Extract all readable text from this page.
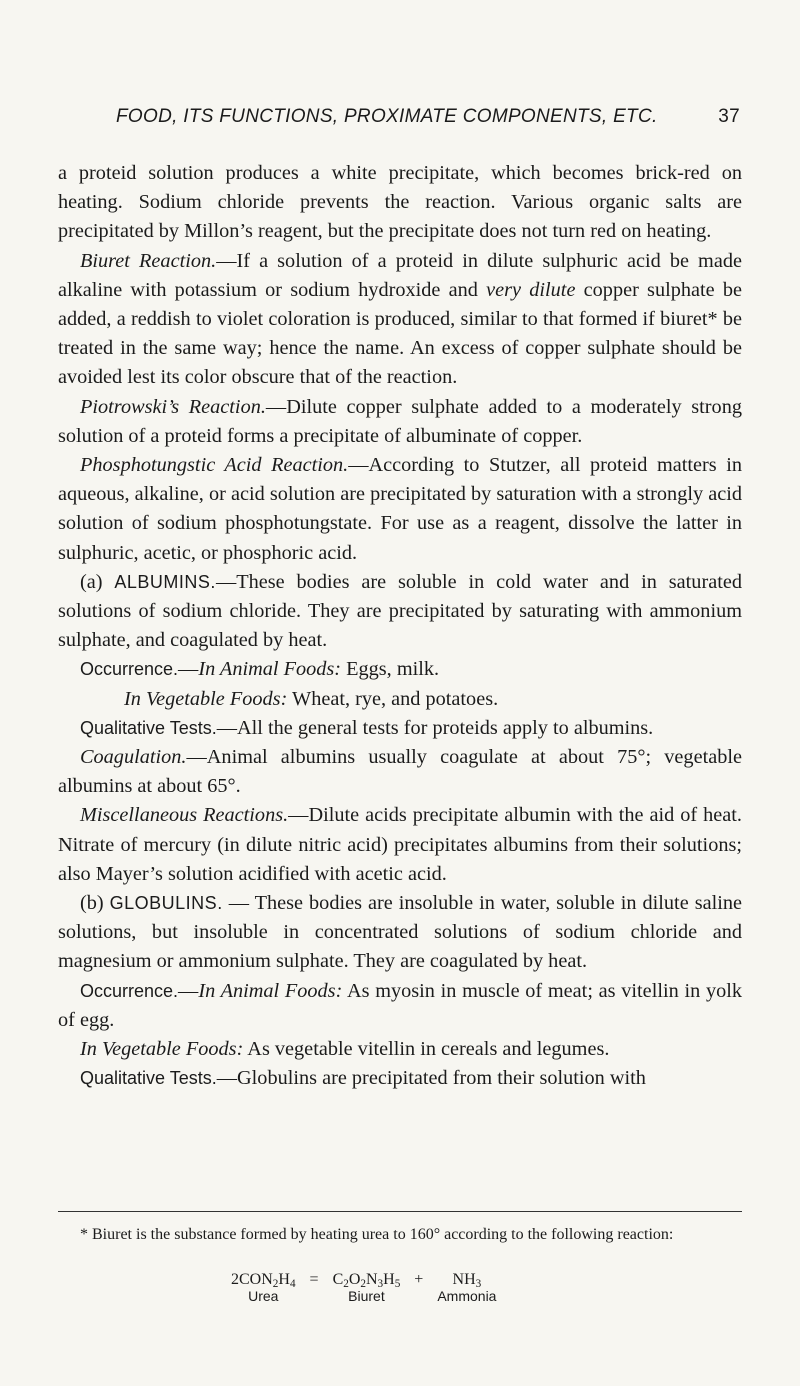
FOOD, ITS FUNCTIONS, PROXIMATE COMPONENTS, ETC.	37

a proteid solution produces a white precipitate, which becomes brick-red on heating. Sodium chloride prevents the reaction. Various organic salts are precipitated by Millon’s reagent, but the precipitate does not turn red on heating.

Biuret Reaction.—If a solution of a proteid in dilute sulphuric acid be made alkaline with potassium or sodium hydroxide and very dilute copper sulphate be added, a reddish to violet coloration is produced, similar to that formed if biuret* be treated in the same way; hence the name. An excess of copper sulphate should be avoided lest its color obscure that of the reaction.

Piotrowski’s Reaction.—Dilute copper sulphate added to a moderately strong solution of a proteid forms a precipitate of albuminate of copper.

Phosphotungstic Acid Reaction.—According to Stutzer, all proteid matters in aqueous, alkaline, or acid solution are precipitated by saturation with a strongly acid solution of sodium phosphotungstate. For use as a reagent, dissolve the latter in sulphuric, acetic, or phosphoric acid.

(a) ALBUMINS.—These bodies are soluble in cold water and in saturated solutions of sodium chloride. They are precipitated by saturating with ammonium sulphate, and coagulated by heat.

Occurrence.—In Animal Foods: Eggs, milk.

In Vegetable Foods: Wheat, rye, and potatoes.

Qualitative Tests.—All the general tests for proteids apply to albumins.

Coagulation.—Animal albumins usually coagulate at about 75°; vegetable albumins at about 65°.

Miscellaneous Reactions.—Dilute acids precipitate albumin with the aid of heat. Nitrate of mercury (in dilute nitric acid) precipitates albumins from their solutions; also Mayer’s solution acidified with acetic acid.

(b) GLOBULINS. — These bodies are insoluble in water, soluble in dilute saline solutions, but insoluble in concentrated solutions of sodium chloride and magnesium or ammonium sulphate. They are coagulated by heat.

Occurrence.—In Animal Foods: As myosin in muscle of meat; as vitellin in yolk of egg.

In Vegetable Foods: As vegetable vitellin in cereals and legumes.

Qualitative Tests.—Globulins are precipitated from their solution with

* Biuret is the substance formed by heating urea to 160° according to the following reaction:

$2CON_2H_4$
Urea
= $C_2O_2N_3H_5$
Biuret
+	$NH_3$
Ammonia
